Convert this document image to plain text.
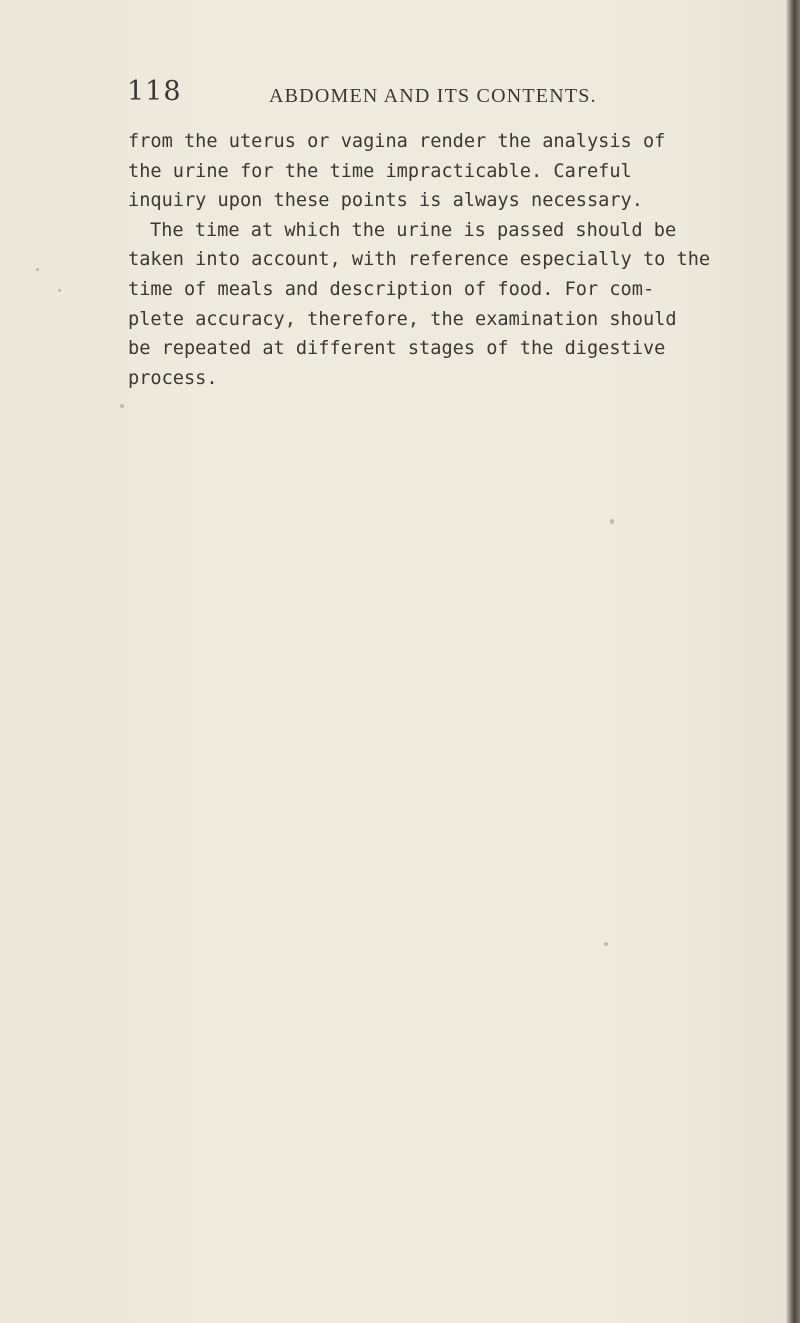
118	ABDOMEN AND ITS CONTENTS.
from the uterus or vagina render the analysis of
the urine for the time impracticable. Careful
inquiry upon these points is always necessary.
The time at which the urine is passed should be
taken into account, with reference especially to the
time of meals and description of food. For com-
plete accuracy, therefore, the examination should
be repeated at different stages of the digestive
process.
